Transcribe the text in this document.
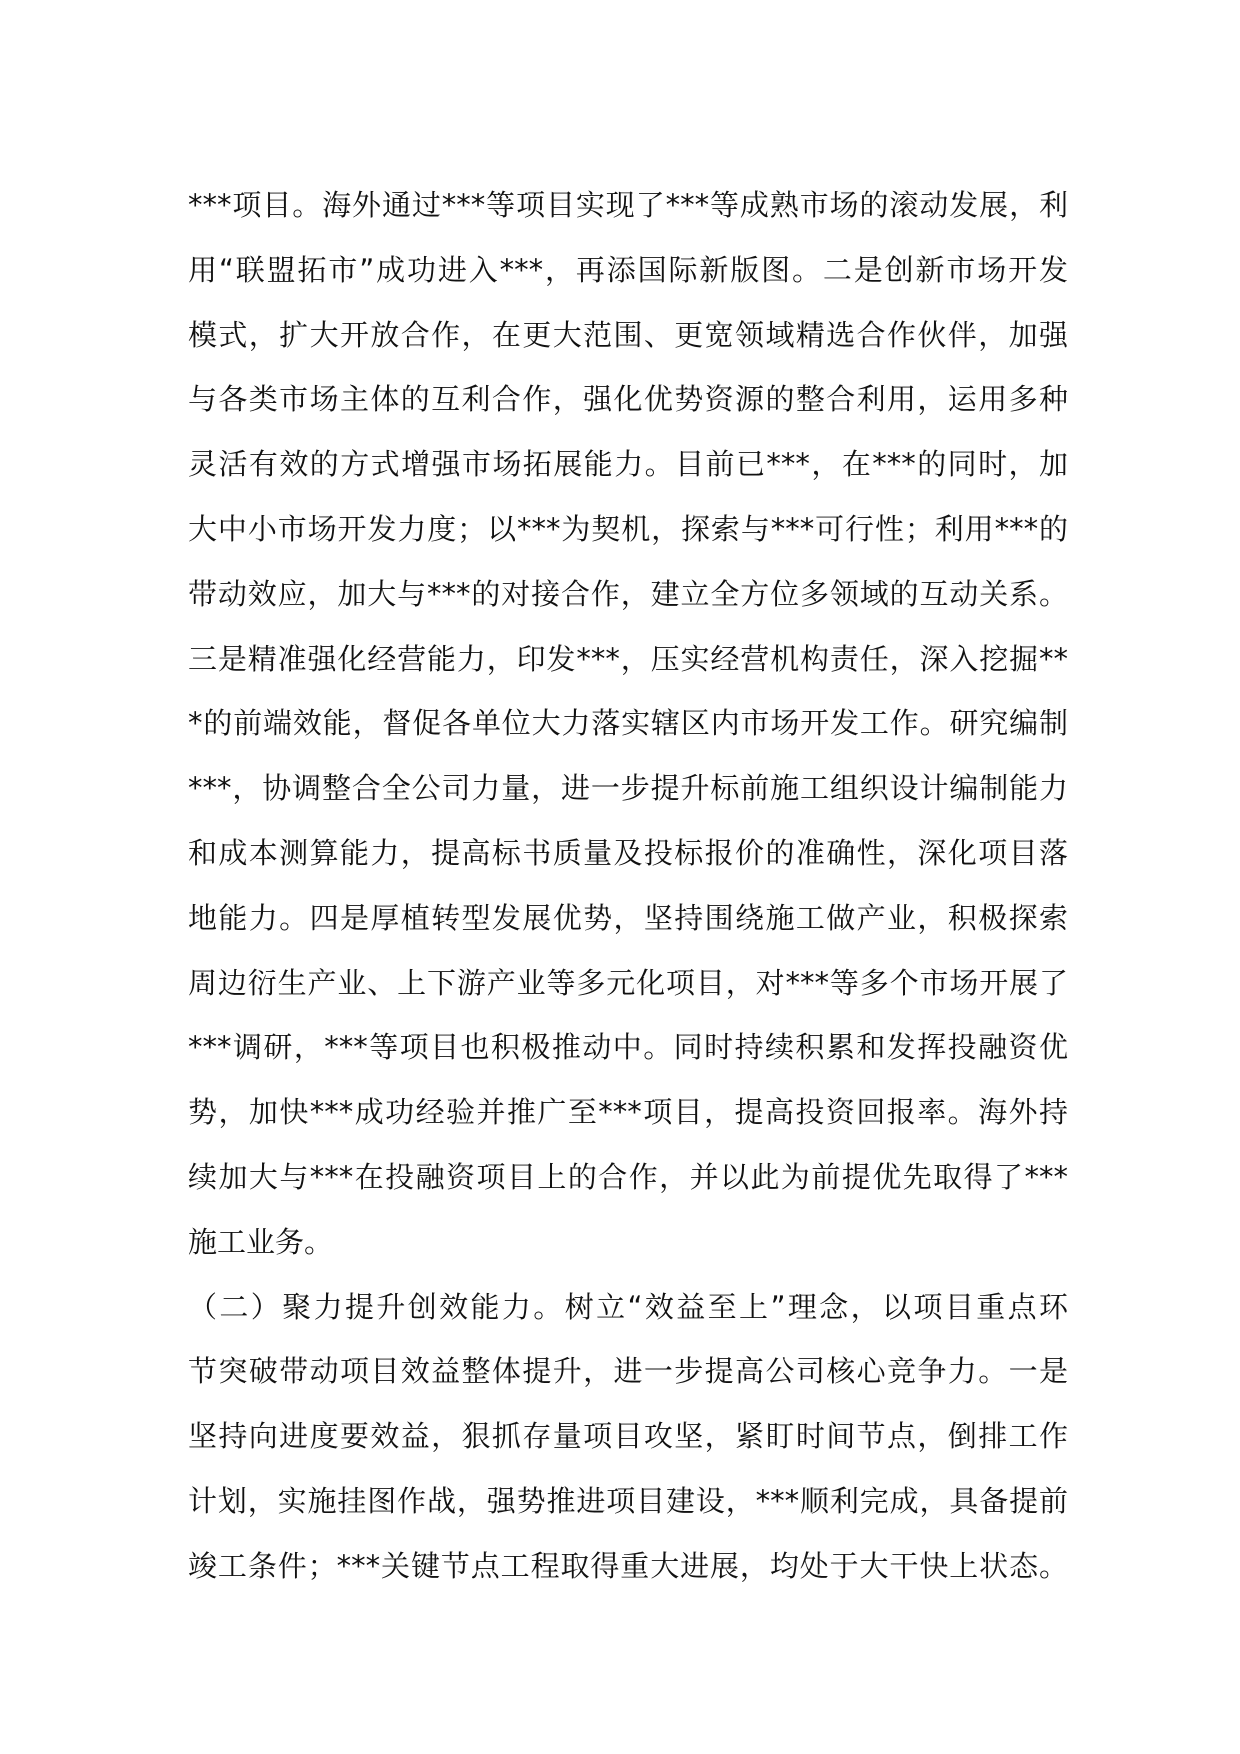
***项目。海外通过***等项目实现了***等成熟市场的滚动发展，利
用“联盟拓市”成功进入***，再添国际新版图。二是创新市场开发
模式，扩大开放合作，在更大范围、更宽领域精选合作伙伴，加强
与各类市场主体的互利合作，强化优势资源的整合利用，运用多种
灵活有效的方式增强市场拓展能力。目前已***，在***的同时，加
大中小市场开发力度；以***为契机，探索与***可行性；利用***的
带动效应，加大与***的对接合作，建立全方位多领域的互动关系。
三是精准强化经营能力，印发***，压实经营机构责任，深入挖掘**
*的前端效能，督促各单位大力落实辖区内市场开发工作。研究编制
***，协调整合全公司力量，进一步提升标前施工组织设计编制能力
和成本测算能力，提高标书质量及投标报价的准确性，深化项目落
地能力。四是厚植转型发展优势，坚持围绕施工做产业，积极探索
周边衍生产业、上下游产业等多元化项目，对***等多个市场开展了
***调研，***等项目也积极推动中。同时持续积累和发挥投融资优
势，加快***成功经验并推广至***项目，提高投资回报率。海外持
续加大与***在投融资项目上的合作，并以此为前提优先取得了***
施工业务。
（二）聚力提升创效能力。树立“效益至上”理念，以项目重点环
节突破带动项目效益整体提升，进一步提高公司核心竞争力。一是
坚持向进度要效益，狠抓存量项目攻坚，紧盯时间节点，倒排工作
计划，实施挂图作战，强势推进项目建设，***顺利完成，具备提前
竣工条件；***关键节点工程取得重大进展，均处于大干快上状态。
